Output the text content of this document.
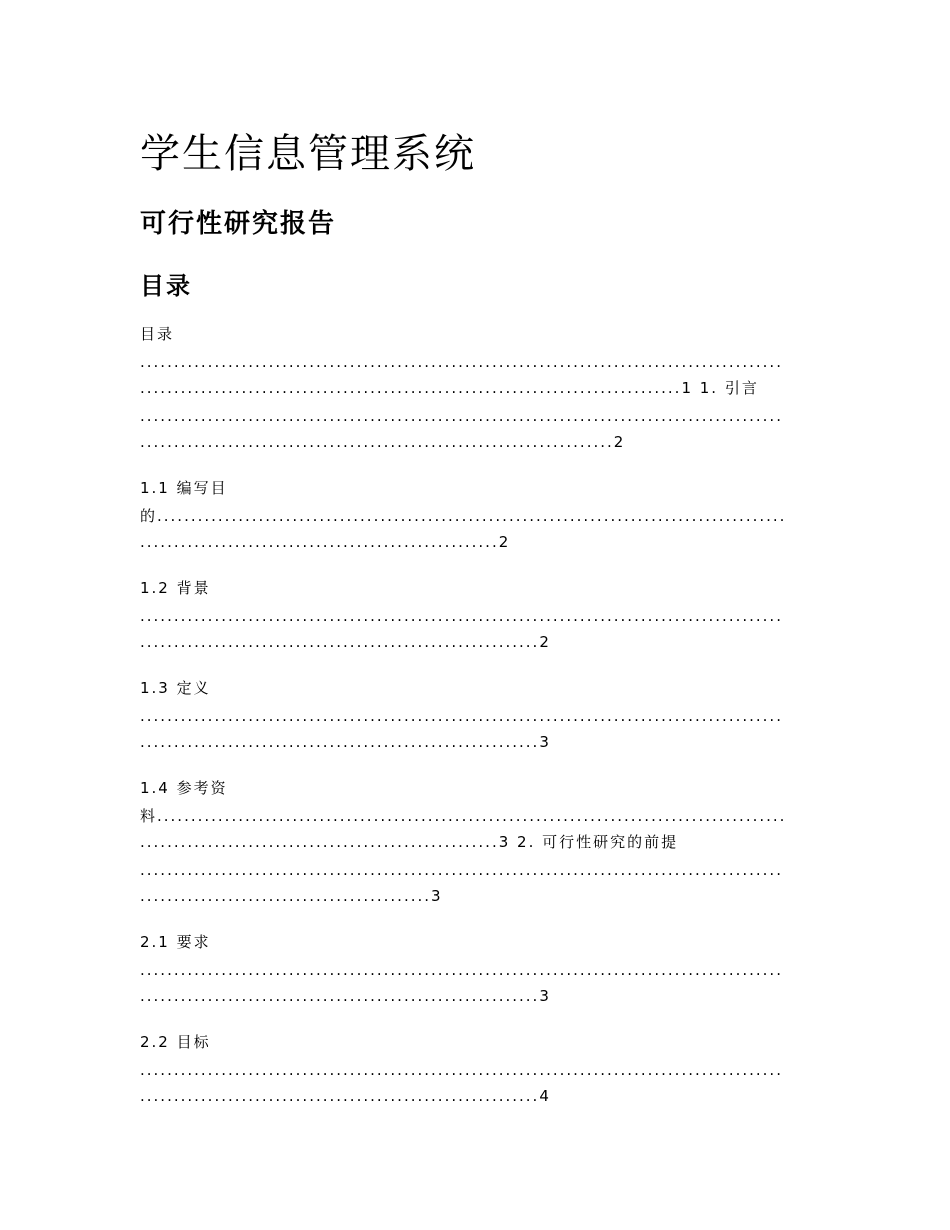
学生信息管理系统
可行性研究报告
目录
目录
...............................................................................................
................................................................................1 1. 引言
...............................................................................................
......................................................................2
1.1 编写目
的.............................................................................................
.....................................................2
1.2 背景
...............................................................................................
...........................................................2
1.3 定义
...............................................................................................
...........................................................3
1.4 参考资
料.............................................................................................
.....................................................3 2. 可行性研究的前提
...............................................................................................
...........................................3
2.1 要求
...............................................................................................
...........................................................3
2.2 目标
...............................................................................................
...........................................................4
